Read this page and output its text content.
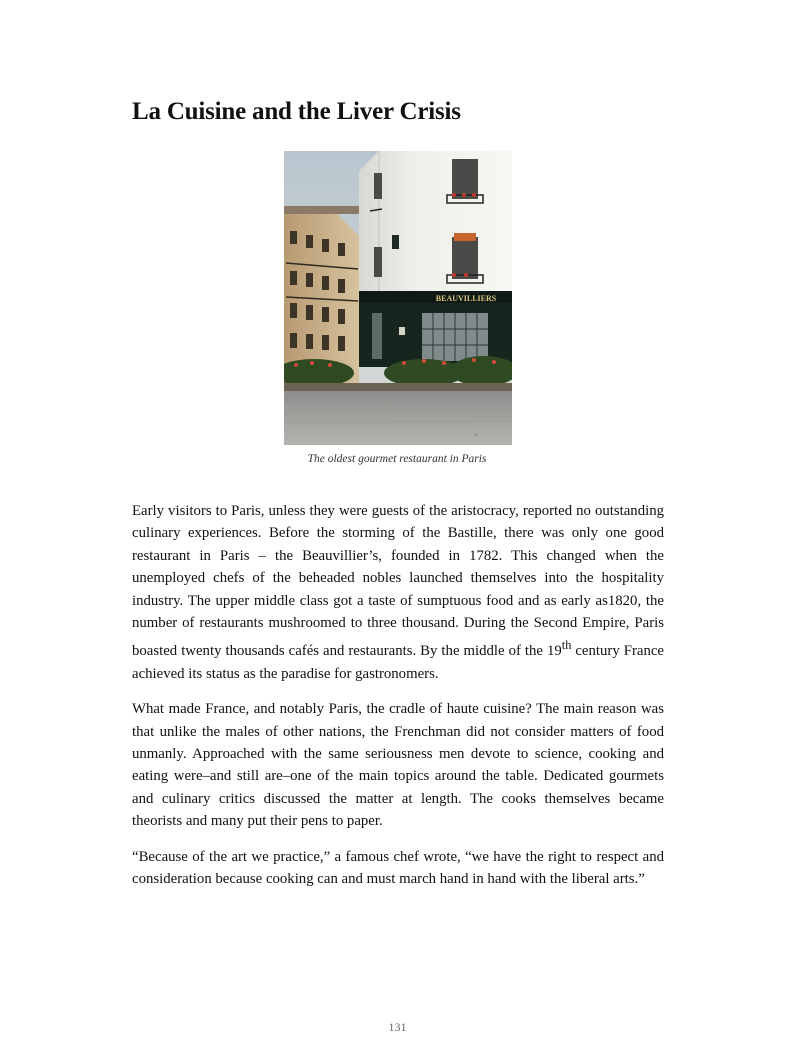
La Cuisine and the Liver Crisis
BEAUVILLIERS
~
The oldest gourmet restaurant in Paris

Early visitors to Paris, unless they were guests of the aristocracy, reported no outstanding culinary experiences. Before the storming of the Bastille, there was only one good restaurant in Paris – the Beauvillier’s, founded in 1782. This changed when the unemployed chefs of the beheaded nobles launched themselves into the hospitality industry. The upper middle class got a taste of sumptuous food and as early as1820, the number of restaurants mushroomed to three thousand. During the Second Empire, Paris boasted twenty thousands cafés and restaurants. By the middle of the 19th century France achieved its status as the paradise for gastronomers.

What made France, and notably Paris, the cradle of haute cuisine? The main reason was that unlike the males of other nations, the Frenchman did not consider matters of food unmanly. Approached with the same seriousness men devote to science, cooking and eating were–and still are–one of the main topics around the table. Dedicated gourmets and culinary critics discussed the matter at length. The cooks themselves became theorists and many put their pens to paper.

“Because of the art we practice,” a famous chef wrote, “we have the right to respect and consideration because cooking can and must march hand in hand with the liberal arts.”

131
